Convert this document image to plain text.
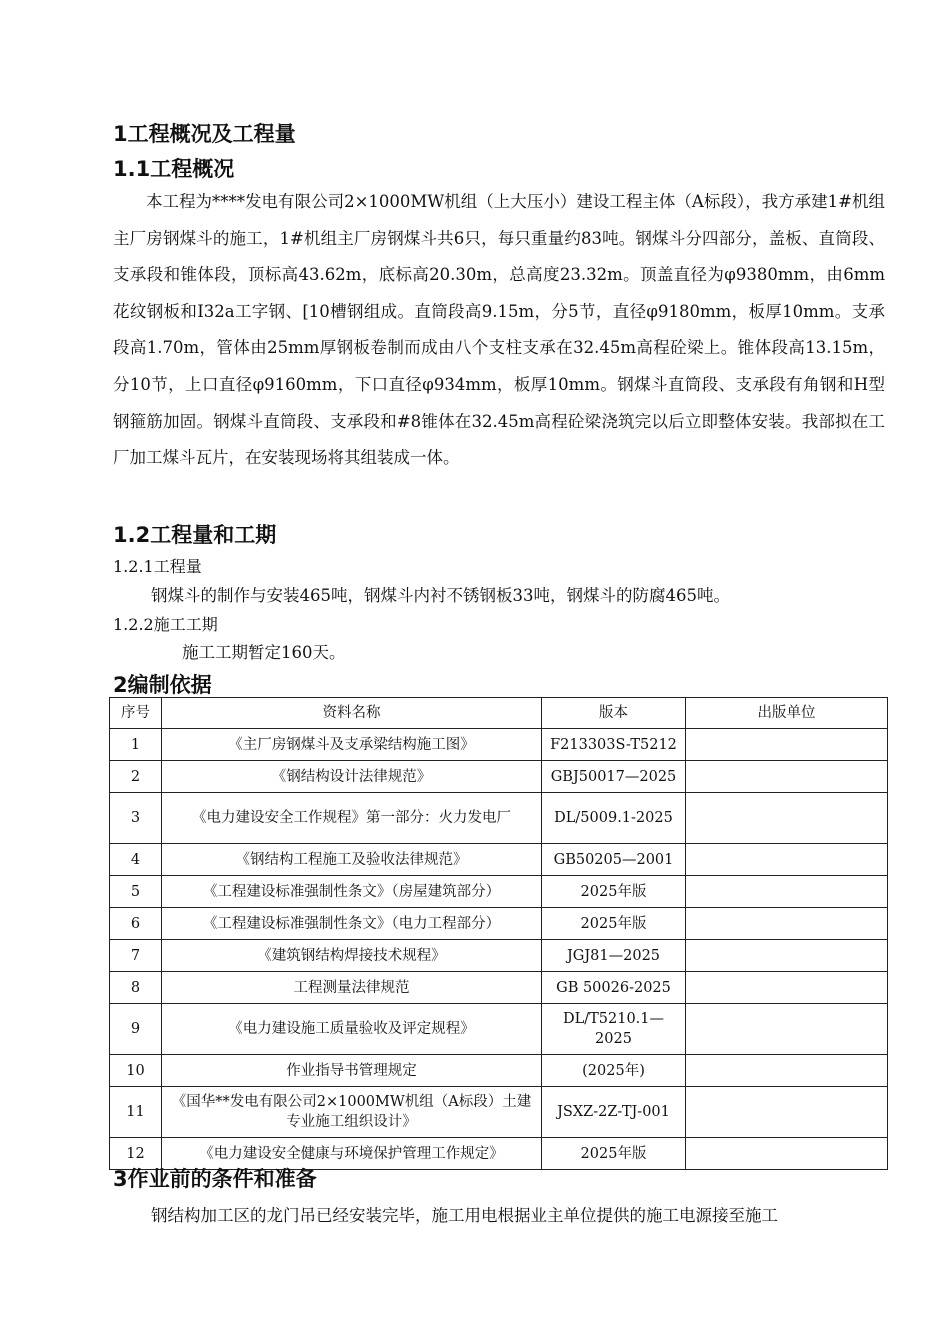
1工程概况及工程量
1.1工程概况

本工程为****发电有限公司2×1000MW机组（上大压小）建设工程主体（A标段），我方承建1#机组主厂房钢煤斗的施工，1#机组主厂房钢煤斗共6只，每只重量约83吨。钢煤斗分四部分，盖板、直筒段、支承段和锥体段，顶标高43.62m，底标高20.30m，总高度23.32m。顶盖直径为φ9380mm，由6mm花纹钢板和I32a工字钢、[10槽钢组成。直筒段高9.15m，分5节，直径φ9180mm，板厚10mm。支承段高1.70m，管体由25mm厚钢板卷制而成由八个支柱支承在32.45m高程砼梁上。锥体段高13.15m，分10节，上口直径φ9160mm，下口直径φ934mm，板厚10mm。钢煤斗直筒段、支承段有角钢和H型钢箍筋加固。钢煤斗直筒段、支承段和#8锥体在32.45m高程砼梁浇筑完以后立即整体安装。我部拟在工厂加工煤斗瓦片，在安装现场将其组装成一体。

1.2工程量和工期
1.2.1工程量
钢煤斗的制作与安装465吨，钢煤斗内衬不锈钢板33吨，钢煤斗的防腐465吨。
1.2.2施工工期
施工工期暂定160天。
2编制依据
序号	资料名称	版本	出版单位
1	《主厂房钢煤斗及支承梁结构施工图》	F213303S-T5212	
2	《钢结构设计法律规范》	GBJ50017—2025	
3	《电力建设安全工作规程》第一部分：火力发电厂	DL/5009.1-2025	
4	《钢结构工程施工及验收法律规范》	GB50205—2001	
5	《工程建设标准强制性条文》（房屋建筑部分）	2025年版	
6	《工程建设标准强制性条文》（电力工程部分）	2025年版	
7	《建筑钢结构焊接技术规程》	JGJ81—2025	
8	工程测量法律规范	GB 50026-2025	
9	《电力建设施工质量验收及评定规程》	DL/T5210.1—2025	
10	作业指导书管理规定	(2025年)	
11	《国华**发电有限公司2×1000MW机组（A标段）土建专业施工组织设计》	JSXZ-2Z-TJ-001	
12	《电力建设安全健康与环境保护管理工作规定》	2025年版	
3作业前的条件和准备
钢结构加工区的龙门吊已经安装完毕，施工用电根据业主单位提供的施工电源接至施工
